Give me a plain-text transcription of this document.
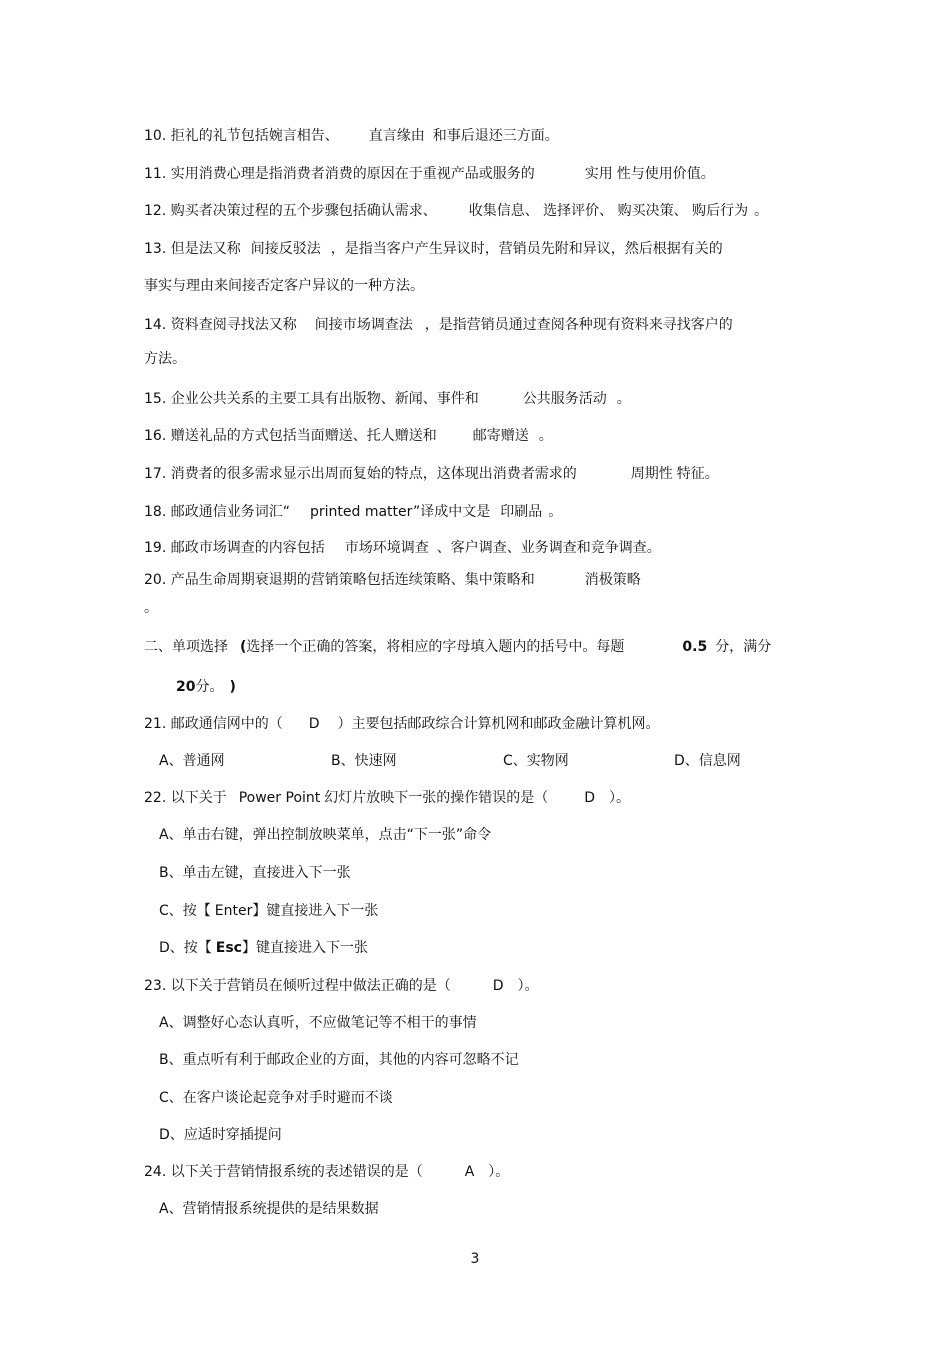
10. 拒礼的礼节包括婉言相告、 直言缘由 和事后退还三方面。
11. 实用消费心理是指消费者消费的原因在于重视产品或服务的	实用 性与使用价值。
12. 购买者决策过程的五个步骤包括确认需求、 收集信息、 选择评价、 购买决策、 购后行为 。
13. 但是法又称 间接反驳法 ，是指当客户产生异议时，营销员先附和异议，然后根据有关的
事实与理由来间接否定客户异议的一种方法。
14. 资料查阅寻找法又称 间接市场调查法 ，是指营销员通过查阅各种现有资料来寻找客户的
方法。
15. 企业公共关系的主要工具有出版物、新闻、事件和	公共服务活动 。
16. 赠送礼品的方式包括当面赠送、托人赠送和	邮寄赠送 。
17. 消费者的很多需求显示出周而复始的特点，这体现出消费者需求的	周期性 特征。
18. 邮政通信业务词汇“ printed matter”译成中文是 印刷品 。
19. 邮政市场调查的内容包括 市场环境调查 、客户调查、业务调查和竞争调查。
20. 产品生命周期衰退期的营销策略包括连续策略、集中策略和	消极策略
。
二、单项选择 (选择一个正确的答案，将相应的字母填入题内的括号中。每题	0.5 分，满分
20分。 )
21. 邮政通信网中的（ D ）主要包括邮政综合计算机网和邮政金融计算机网。
A、普通网	B、快速网	C、实物网	D、信息网
22. 以下关于 Power Point 幻灯片放映下一张的操作错误的是（	D ）。
A、单击右键，弹出控制放映菜单，点击“下一张”命令
B、单击左键，直接进入下一张
C、按【 Enter】键直接进入下一张
D、按【 Esc】键直接进入下一张
23. 以下关于营销员在倾听过程中做法正确的是（	D ）。
A、调整好心态认真听，不应做笔记等不相干的事情
B、重点听有利于邮政企业的方面，其他的内容可忽略不记
C、在客户谈论起竞争对手时避而不谈
D、应适时穿插提问
24. 以下关于营销情报系统的表述错误的是（	A ）。
A、营销情报系统提供的是结果数据
3
